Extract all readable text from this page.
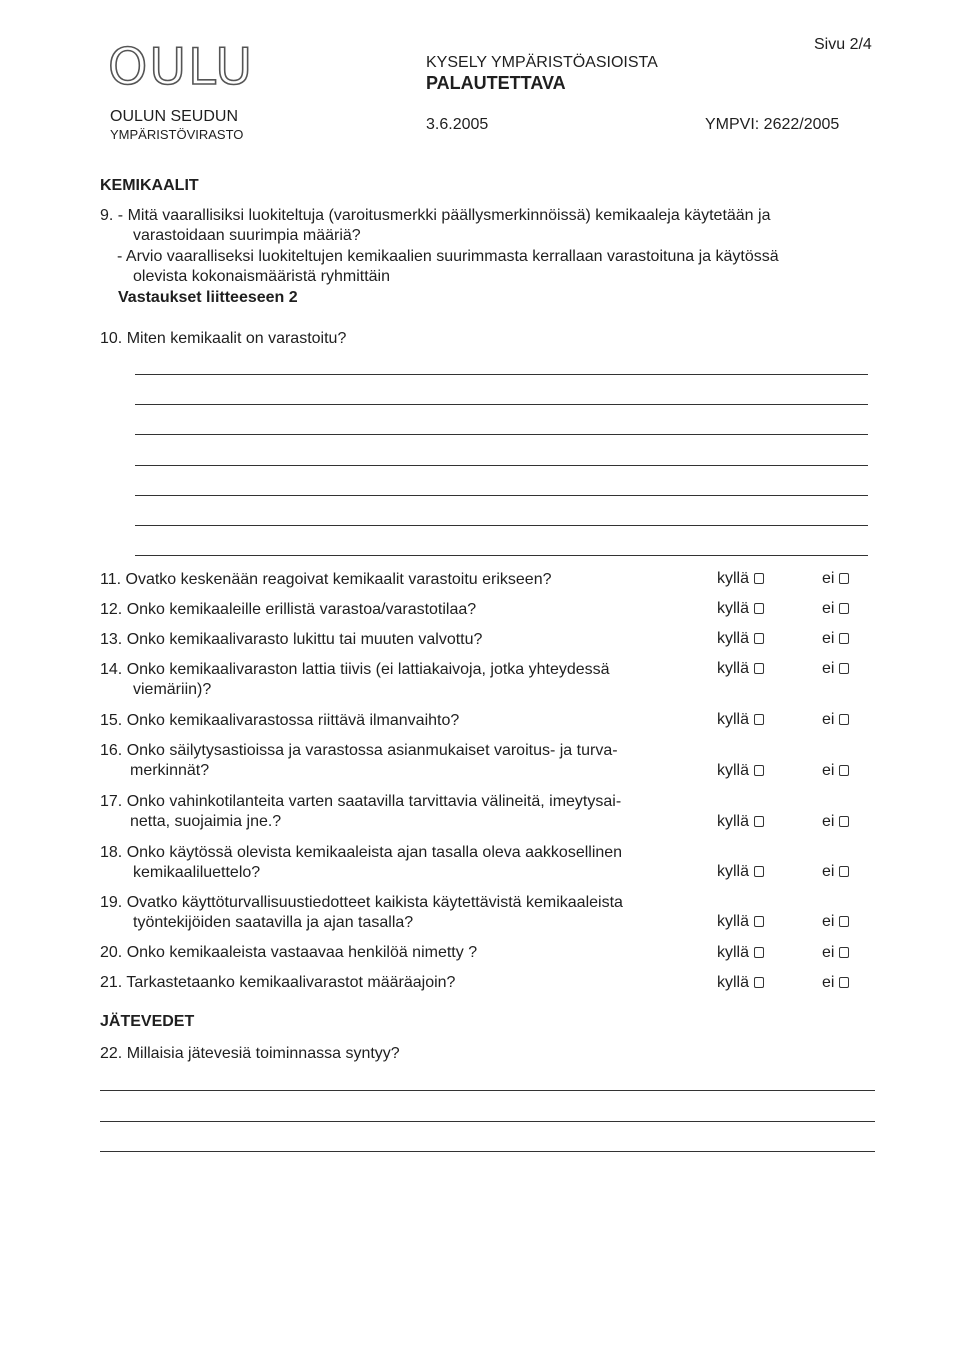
OULU
OULUN SEUDUN
YMPÄRISTÖVIRASTO
KYSELY YMPÄRISTÖASIOISTA
PALAUTETTAVA
3.6.2005	YMPVI: 2622/2005
Sivu 2/4
KEMIKAALIT
9. - Mitä vaarallisiksi luokiteltuja (varoitusmerkki päällysmerkinnöissä) kemikaaleja käytetään ja
varastoidaan suurimpia määriä?
- Arvio vaaralliseksi luokiteltujen kemikaalien suurimmasta kerrallaan varastoituna ja käytössä
olevista kokonaismääristä ryhmittäin
Vastaukset liitteeseen 2
10. Miten kemikaalit on varastoitu?
11. Ovatko keskenään reagoivat kemikaalit varastoitu erikseen?	kyllä	ei
12. Onko kemikaaleille erillistä varastoa/varastotilaa?	kyllä	ei
13. Onko kemikaalivarasto lukittu tai muuten valvottu?	kyllä	ei
14. Onko kemikaalivaraston lattia tiivis (ei lattiakaivoja, jotka yhteydessä
viemäriin)?
kyllä	ei
15. Onko kemikaalivarastossa riittävä ilmanvaihto?	kyllä	ei
16. Onko säilytysastioissa ja varastossa asianmukaiset varoitus- ja turva-
merkinnät?	kyllä	ei
17. Onko vahinkotilanteita varten saatavilla tarvittavia välineitä, imeytysai-
netta, suojaimia jne.?	kyllä	ei
18. Onko käytössä olevista kemikaaleista ajan tasalla oleva aakkosellinen
kemikaaliluettelo?	kyllä	ei
19. Ovatko käyttöturvallisuustiedotteet kaikista käytettävistä kemikaaleista
työntekijöiden saatavilla ja ajan tasalla?	kyllä	ei
20. Onko kemikaaleista vastaavaa henkilöä nimetty ?	kyllä	ei
21. Tarkastetaanko kemikaalivarastot määräajoin?	kyllä	ei
JÄTEVEDET
22. Millaisia jätevesiä toiminnassa syntyy?
